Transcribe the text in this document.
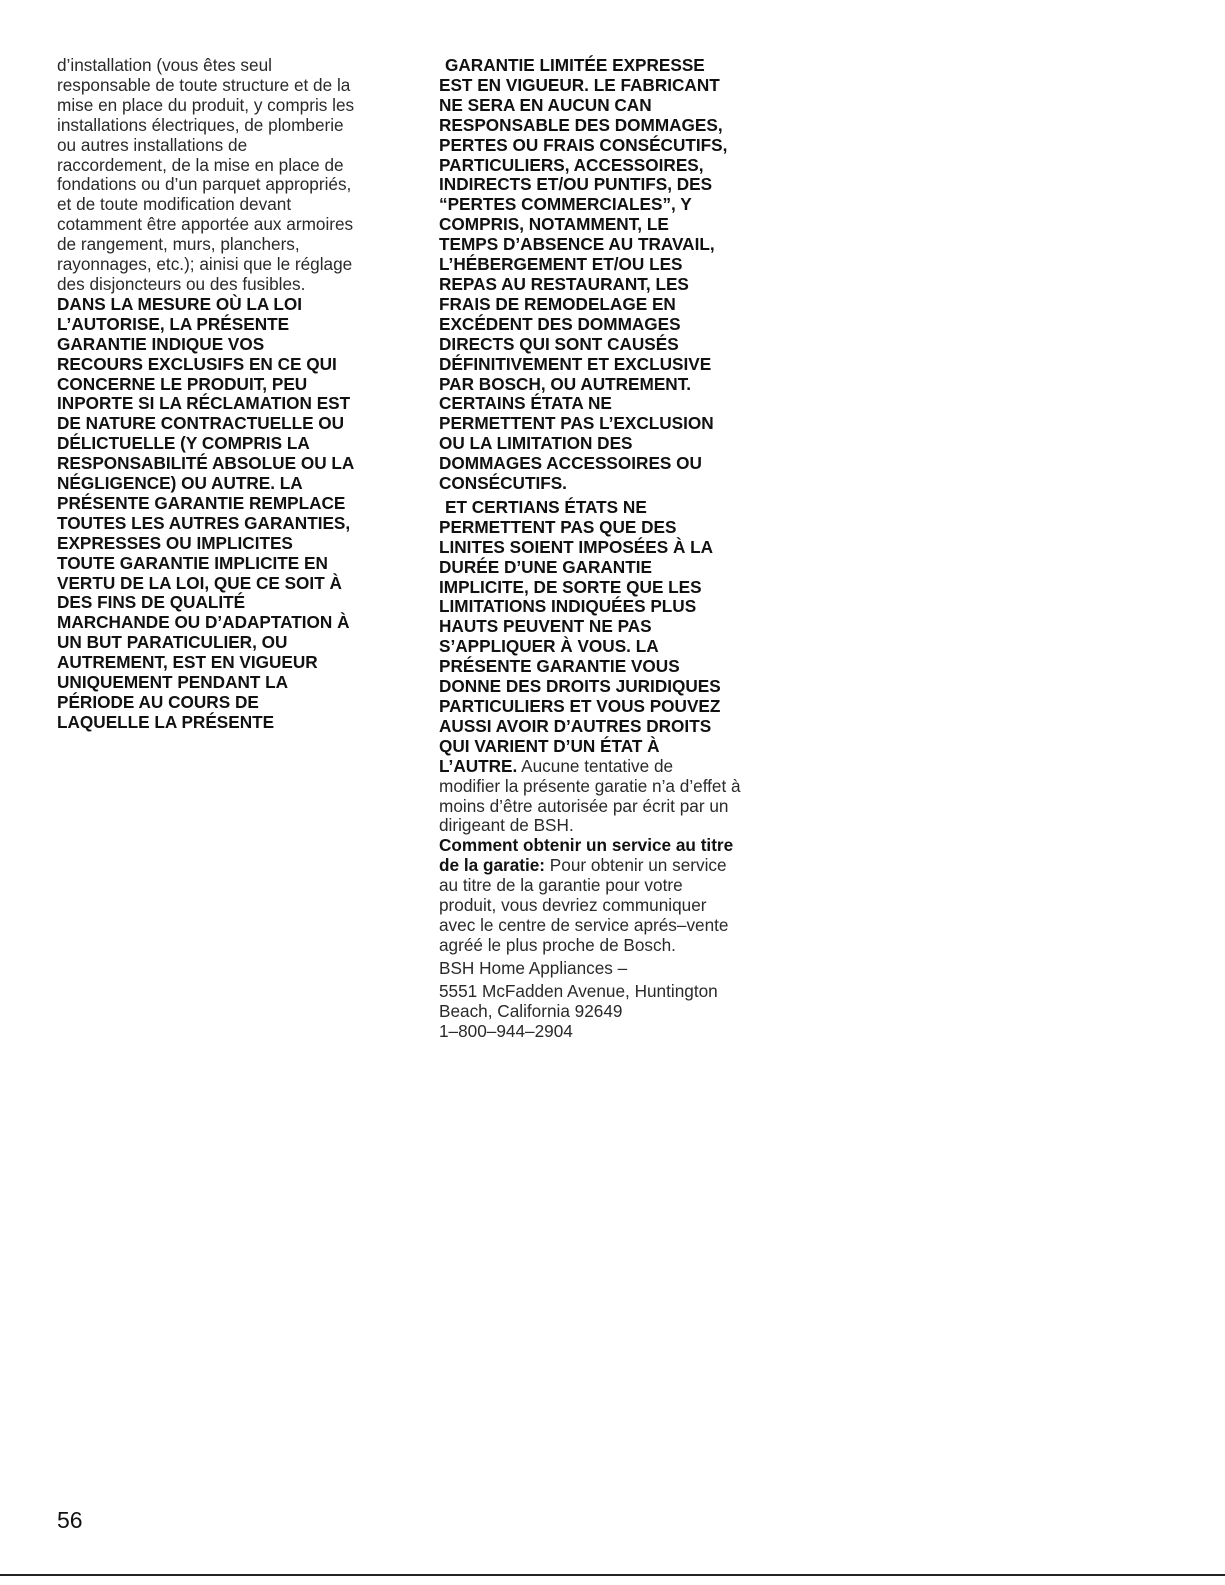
d’installation (vous êtes seul
responsable de toute structure et de la
mise en place du produit, y compris les
installations électriques, de plomberie
ou autres installations de
raccordement, de la mise en place de
fondations ou d’un parquet appropriés,
et de toute modification devant
cotamment être apportée aux armoires
de rangement, murs, planchers,
rayonnages, etc.); ainisi que le réglage
des disjoncteurs ou des fusibles.
DANS LA MESURE OÙ LA LOI
L’AUTORISE, LA PRÉSENTE
GARANTIE INDIQUE VOS
RECOURS EXCLUSIFS EN CE QUI
CONCERNE LE PRODUIT, PEU
INPORTE SI LA RÉCLAMATION EST
DE NATURE CONTRACTUELLE OU
DÉLICTUELLE (Y COMPRIS LA
RESPONSABILITÉ ABSOLUE OU LA
NÉGLIGENCE) OU AUTRE. LA
PRÉSENTE GARANTIE REMPLACE
TOUTES LES AUTRES GARANTIES,
EXPRESSES OU IMPLICITES
TOUTE GARANTIE IMPLICITE EN
VERTU DE LA LOI, QUE CE SOIT À
DES FINS DE QUALITÉ
MARCHANDE OU D’ADAPTATION À
UN BUT PARATICULIER, OU
AUTREMENT, EST EN VIGUEUR
UNIQUEMENT PENDANT LA
PÉRIODE AU COURS DE
LAQUELLE LA PRÉSENTE
GARANTIE LIMITÉE EXPRESSE
EST EN VIGUEUR. LE FABRICANT
NE SERA EN AUCUN CAN
RESPONSABLE DES DOMMAGES,
PERTES OU FRAIS CONSÉCUTIFS,
PARTICULIERS, ACCESSOIRES,
INDIRECTS ET/OU PUNTIFS, DES
“PERTES COMMERCIALES”, Y
COMPRIS, NOTAMMENT, LE
TEMPS D’ABSENCE AU TRAVAIL,
L’HÉBERGEMENT ET/OU LES
REPAS AU RESTAURANT, LES
FRAIS DE REMODELAGE EN
EXCÉDENT DES DOMMAGES
DIRECTS QUI SONT CAUSÉS
DÉFINITIVEMENT ET EXCLUSIVE
PAR BOSCH, OU AUTREMENT.
CERTAINS ÉTATA NE
PERMETTENT PAS L’EXCLUSION
OU LA LIMITATION DES
DOMMAGES ACCESSOIRES OU
CONSÉCUTIFS.
ET CERTIANS ÉTATS NE
PERMETTENT PAS QUE DES
LINITES SOIENT IMPOSÉES À LA
DURÉE D’UNE GARANTIE
IMPLICITE, DE SORTE QUE LES
LIMITATIONS INDIQUÉES PLUS
HAUTS PEUVENT NE PAS
S’APPLIQUER À VOUS. LA
PRÉSENTE GARANTIE VOUS
DONNE DES DROITS JURIDIQUES
PARTICULIERS ET VOUS POUVEZ
AUSSI AVOIR D’AUTRES DROITS
QUI VARIENT D’UN ÉTAT À
L’AUTRE. Aucune tentative de
modifier la présente garatie n’a d’effet à
moins d’être autorisée par écrit par un
dirigeant de BSH.
Comment obtenir un service au titre
de la garatie: Pour obtenir un service
au titre de la garantie pour votre
produit, vous devriez communiquer
avec le centre de service aprés–vente
agréé le plus proche de Bosch.
BSH Home Appliances –
5551 McFadden Avenue, Huntington
Beach, California 92649
1–800–944–2904
56
